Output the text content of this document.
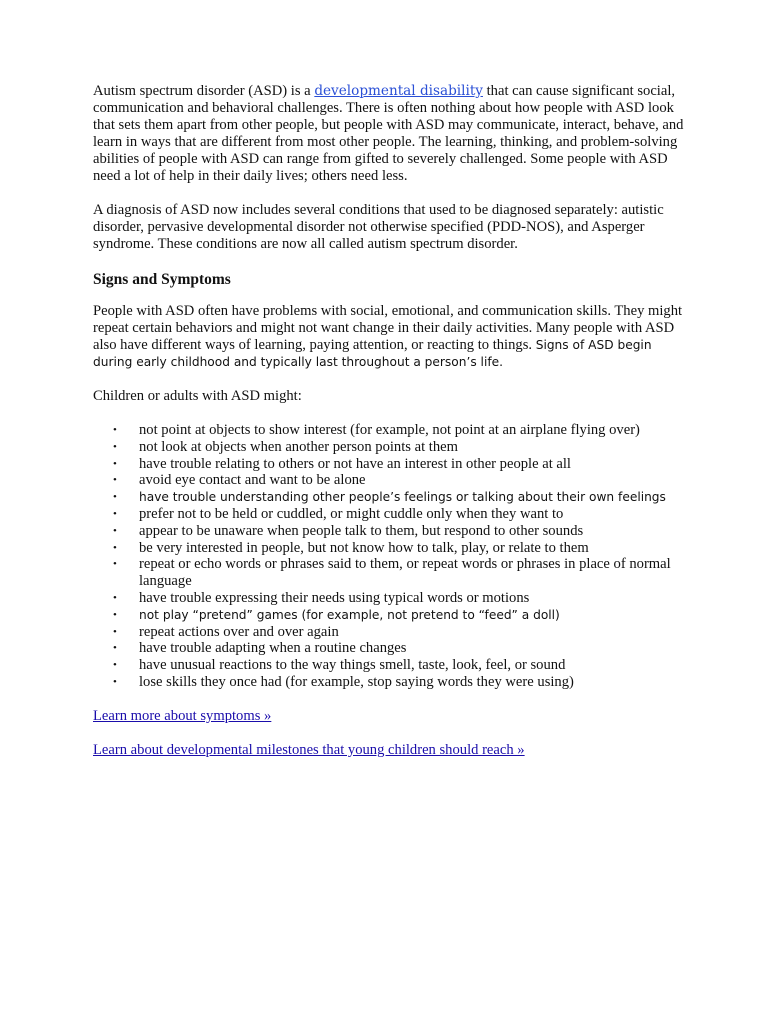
Autism spectrum disorder (ASD) is a developmental disability that can cause significant social, communication and behavioral challenges. There is often nothing about how people with ASD look that sets them apart from other people, but people with ASD may communicate, interact, behave, and learn in ways that are different from most other people. The learning, thinking, and problem-solving abilities of people with ASD can range from gifted to severely challenged. Some people with ASD need a lot of help in their daily lives; others need less.

A diagnosis of ASD now includes several conditions that used to be diagnosed separately: autistic disorder, pervasive developmental disorder not otherwise specified (PDD-NOS), and Asperger syndrome. These conditions are now all called autism spectrum disorder.

Signs and Symptoms

People with ASD often have problems with social, emotional, and communication skills. They might repeat certain behaviors and might not want change in their daily activities. Many people with ASD also have different ways of learning, paying attention, or reacting to things. Signs of ASD begin during early childhood and typically last throughout a person’s life.

Children or adults with ASD might:

• not point at objects to show interest (for example, not point at an airplane flying over)
• not look at objects when another person points at them
• have trouble relating to others or not have an interest in other people at all
• avoid eye contact and want to be alone
• have trouble understanding other people’s feelings or talking about their own feelings
• prefer not to be held or cuddled, or might cuddle only when they want to
• appear to be unaware when people talk to them, but respond to other sounds
• be very interested in people, but not know how to talk, play, or relate to them
• repeat or echo words or phrases said to them, or repeat words or phrases in place of normal language
• have trouble expressing their needs using typical words or motions
• not play “pretend” games (for example, not pretend to “feed” a doll)
• repeat actions over and over again
• have trouble adapting when a routine changes
• have unusual reactions to the way things smell, taste, look, feel, or sound
• lose skills they once had (for example, stop saying words they were using)

Learn more about symptoms »

Learn about developmental milestones that young children should reach »
